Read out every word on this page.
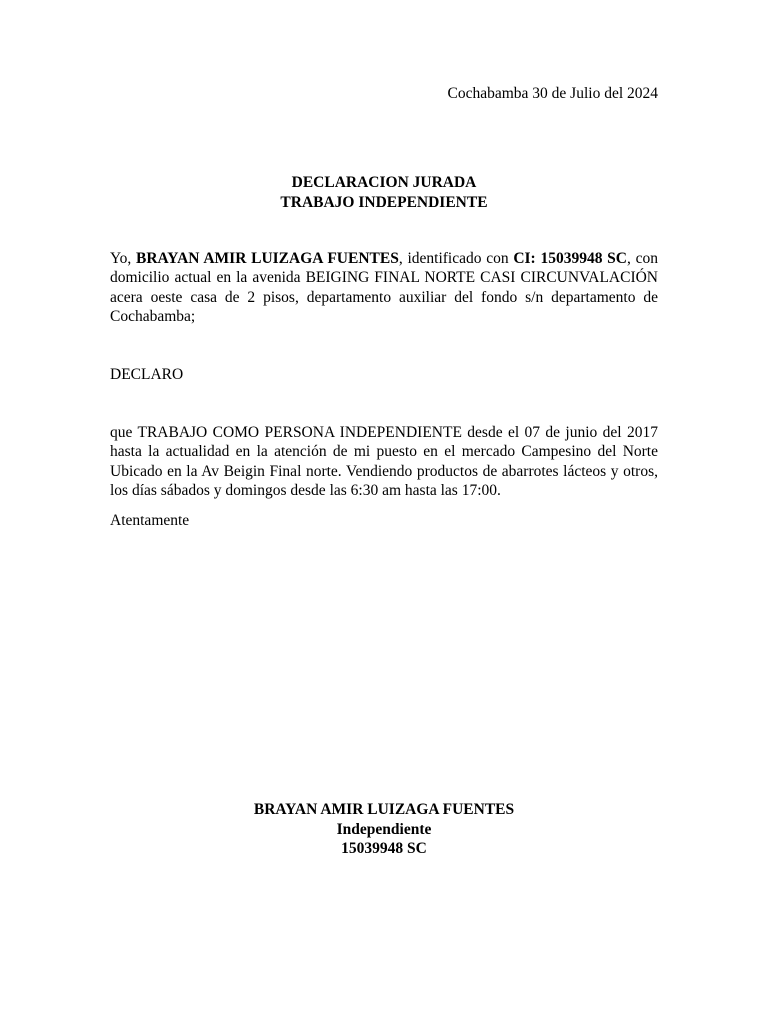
Cochabamba 30 de Julio del 2024
DECLARACION JURADA
TRABAJO INDEPENDIENTE
Yo, BRAYAN AMIR LUIZAGA FUENTES, identificado con CI: 15039948 SC, con domicilio actual en la avenida BEIGING FINAL NORTE CASI CIRCUNVALACIÓN acera oeste casa de 2 pisos, departamento auxiliar del fondo s/n departamento de Cochabamba;
DECLARO
que TRABAJO COMO PERSONA INDEPENDIENTE desde el 07 de junio del 2017 hasta la actualidad en la atención de mi puesto en el mercado Campesino del Norte Ubicado en la Av Beigin Final norte. Vendiendo productos de abarrotes lácteos y otros, los días sábados y domingos desde las 6:30 am hasta las 17:00.
Atentamente
BRAYAN AMIR LUIZAGA FUENTES
Independiente
15039948 SC
